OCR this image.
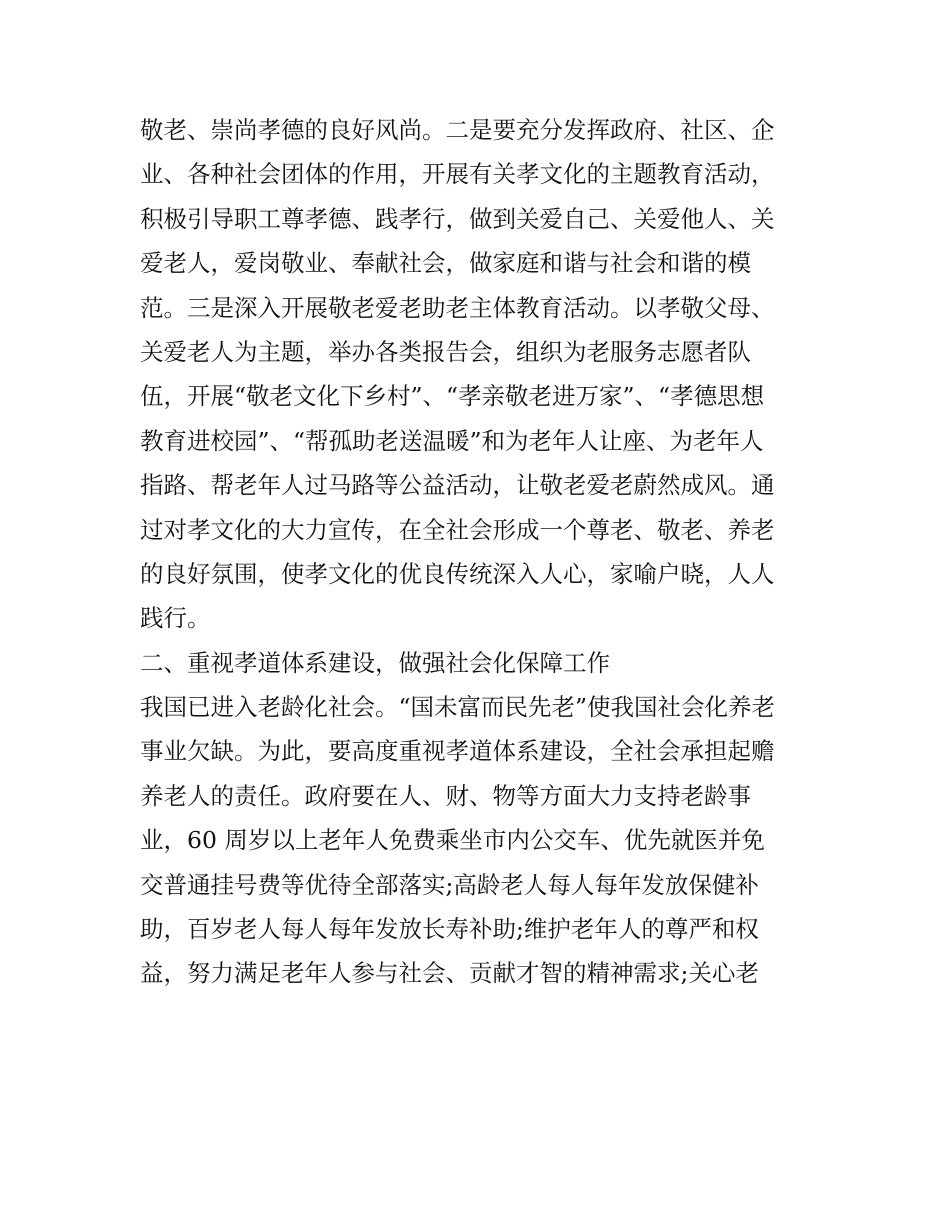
敬老、崇尚孝德的良好风尚。二是要充分发挥政府、社区、企
业、各种社会团体的作用，开展有关孝文化的主题教育活动，
积极引导职工尊孝德、践孝行，做到关爱自己、关爱他人、关
爱老人，爱岗敬业、奉献社会，做家庭和谐与社会和谐的模
范。三是深入开展敬老爱老助老主体教育活动。以孝敬父母、
关爱老人为主题，举办各类报告会，组织为老服务志愿者队
伍，开展“敬老文化下乡村”、“孝亲敬老进万家”、“孝德思想
教育进校园”、“帮孤助老送温暖”和为老年人让座、为老年人
指路、帮老年人过马路等公益活动，让敬老爱老蔚然成风。通
过对孝文化的大力宣传，在全社会形成一个尊老、敬老、养老
的良好氛围，使孝文化的优良传统深入人心，家喻户晓，人人
践行。
二、重视孝道体系建设，做强社会化保障工作
我国已进入老龄化社会。“国未富而民先老”使我国社会化养老
事业欠缺。为此，要高度重视孝道体系建设，全社会承担起赡
养老人的责任。政府要在人、财、物等方面大力支持老龄事
业，60 周岁以上老年人免费乘坐市内公交车、优先就医并免
交普通挂号费等优待全部落实;高龄老人每人每年发放保健补
助，百岁老人每人每年发放长寿补助;维护老年人的尊严和权
益，努力满足老年人参与社会、贡献才智的精神需求;关心老
